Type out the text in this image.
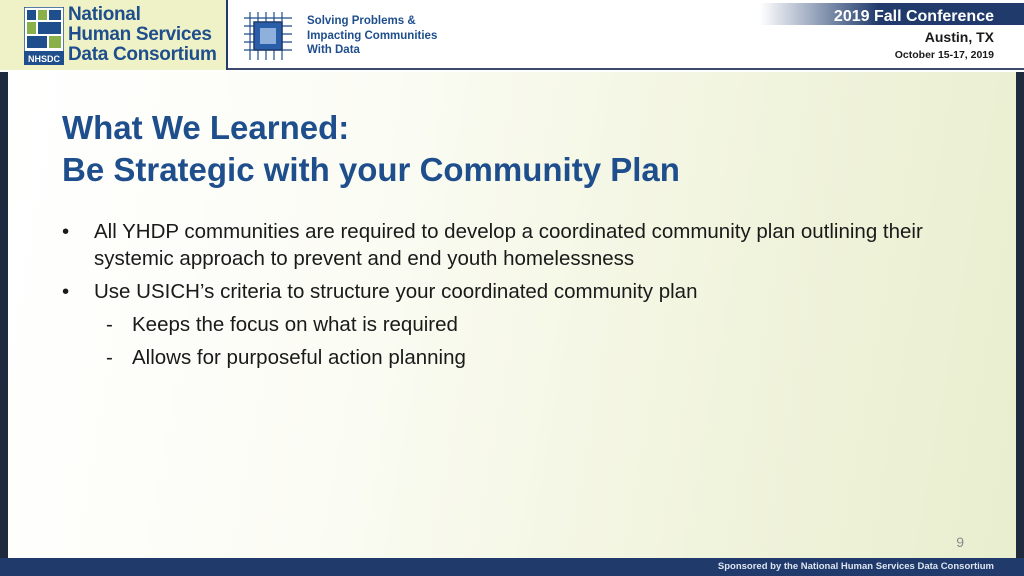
NHSDC
National
Human Services
Data Consortium
Solving Problems &
Impacting Communities
With Data
2019 Fall Conference
Austin, TX
October 15-17, 2019
What We Learned:
Be Strategic with your Community Plan
• All YHDP communities are required to develop a coordinated community plan outlining their systemic approach to prevent and end youth homelessness
• Use USICH’s criteria to structure your coordinated community plan
- Keeps the focus on what is required
- Allows for purposeful action planning
9
Sponsored by the National Human Services Data Consortium
